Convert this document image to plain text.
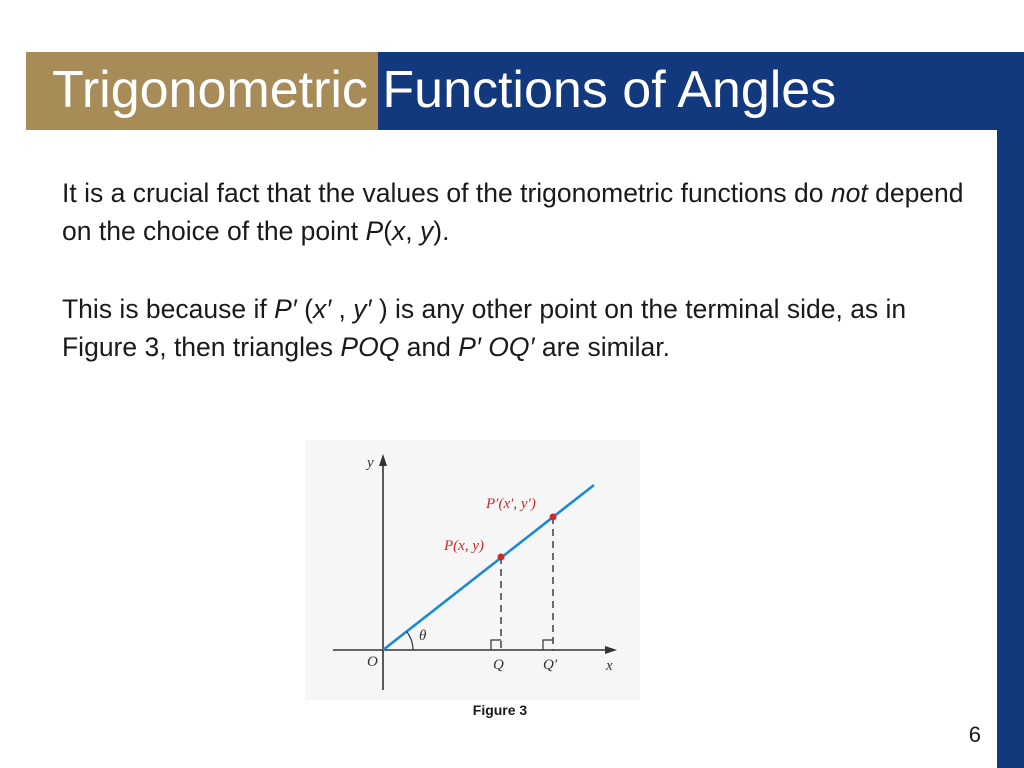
Trigonometric Functions of Angles

It is a crucial fact that the values of the trigonometric functions do not depend on the choice of the point P(x, y).

This is because if P′ (x′ , y′ ) is any other point on the terminal side, as in Figure 3, then triangles POQ and P′ OQ′ are similar.

y
x
O
θ
P(x, y)
P′(x′, y′)
Q	Q′
Figure 3
6
